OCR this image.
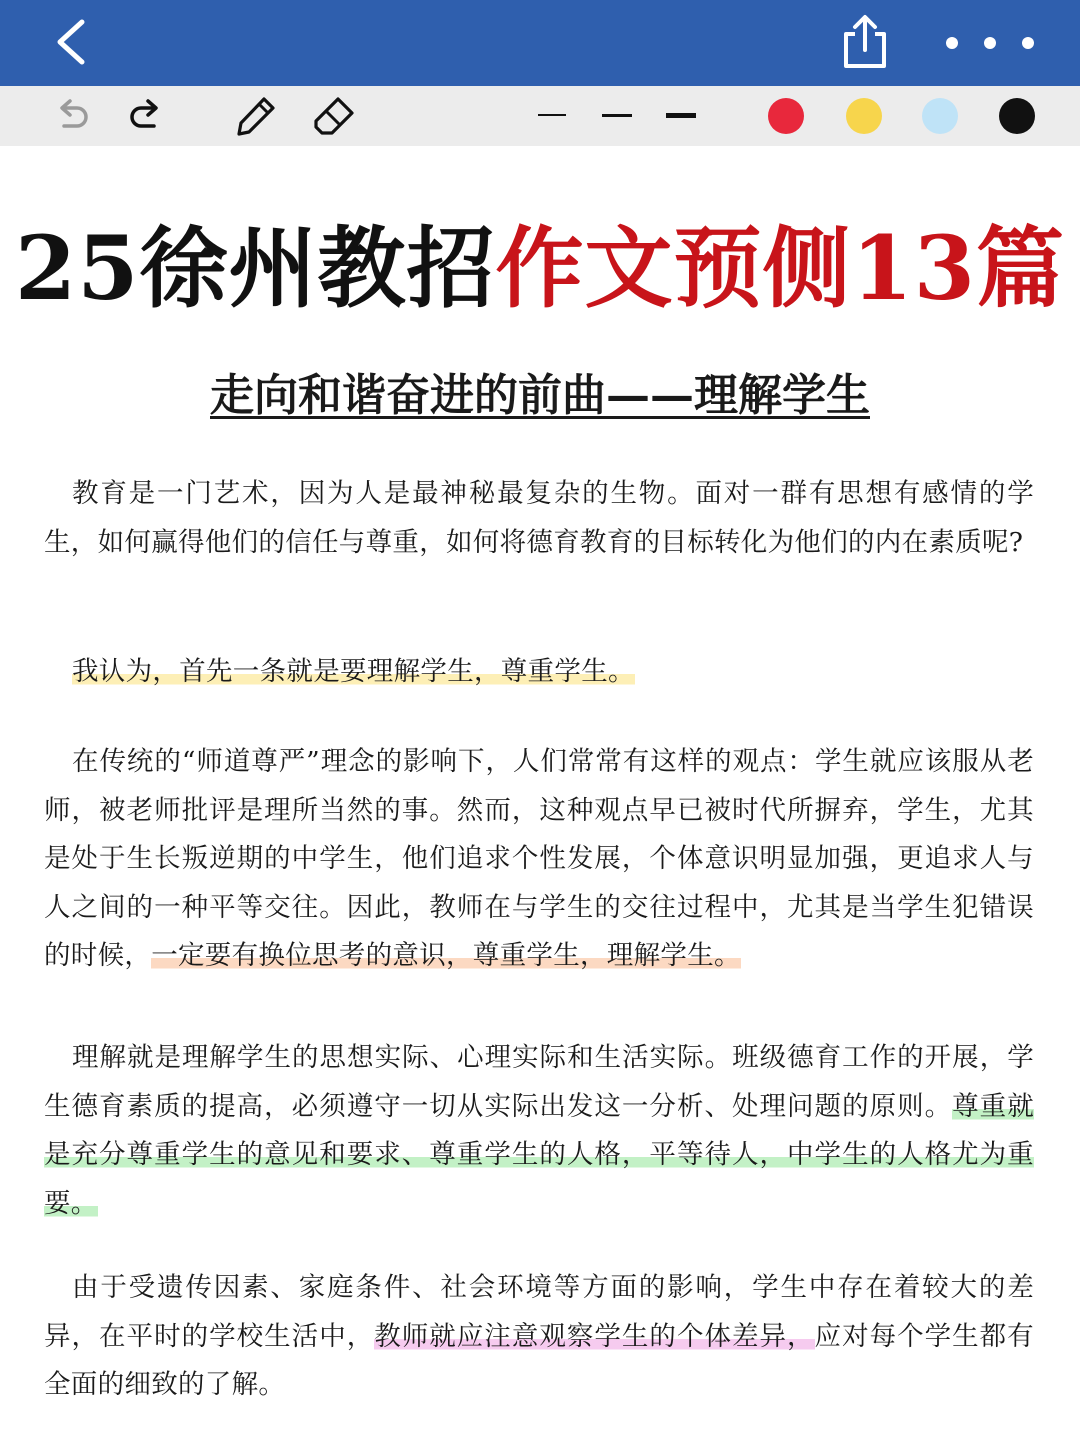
25徐州教招作文预侧13篇
走向和谐奋进的前曲——理解学生

教育是一门艺术，因为人是最神秘最复杂的生物。面对一群有思想有感情的学生，如何赢得他们的信任与尊重，如何将德育教育的目标转化为他们的内在素质呢?

我认为，首先一条就是要理解学生，尊重学生。

在传统的“师道尊严”理念的影响下，人们常常有这样的观点：学生就应该服从老师，被老师批评是理所当然的事。然而，这种观点早已被时代所摒弃，学生，尤其是处于生长叛逆期的中学生，他们追求个性发展，个体意识明显加强，更追求人与人之间的一种平等交往。因此，教师在与学生的交往过程中，尤其是当学生犯错误的时候，一定要有换位思考的意识，尊重学生，理解学生。

理解就是理解学生的思想实际、心理实际和生活实际。班级德育工作的开展，学生德育素质的提高，必须遵守一切从实际出发这一分析、处理问题的原则。尊重就是充分尊重学生的意见和要求、尊重学生的人格，平等待人，中学生的人格尤为重要。

由于受遗传因素、家庭条件、社会环境等方面的影响，学生中存在着较大的差异，在平时的学校生活中，教师就应注意观察学生的个体差异，应对每个学生都有全面的细致的了解。
